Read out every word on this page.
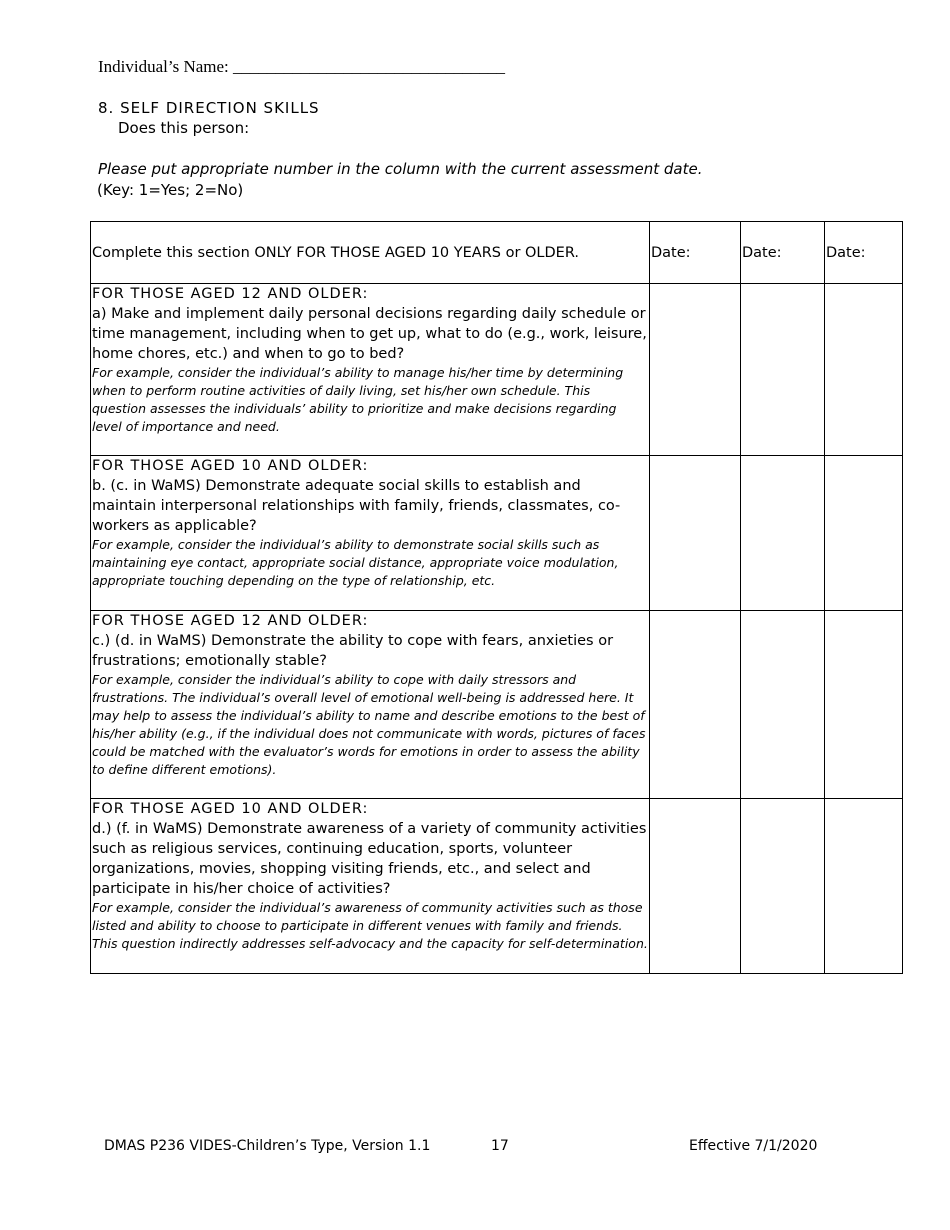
Individual’s Name: ________________________________
8. SELF DIRECTION SKILLS
Does this person:
Please put appropriate number in the column with the current assessment date.
(Key: 1=Yes; 2=No)
Complete this section ONLY FOR THOSE AGED 10 YEARS or OLDER.	Date:	Date:	Date:

FOR THOSE AGED 12 AND OLDER:
a) Make and implement daily personal decisions regarding daily schedule or time management, including when to get up, what to do (e.g., work, leisure, home chores, etc.) and when to go to bed?
For example, consider the individual’s ability to manage his/her time by determining when to perform routine activities of daily living, set his/her own schedule. This question assesses the individuals’ ability to prioritize and make decisions regarding level of importance and need.			

FOR THOSE AGED 10 AND OLDER:
b. (c. in WaMS) Demonstrate adequate social skills to establish and maintain interpersonal relationships with family, friends, classmates, co-workers as applicable?
For example, consider the individual’s ability to demonstrate social skills such as maintaining eye contact, appropriate social distance, appropriate voice modulation, appropriate touching depending on the type of relationship, etc.			

FOR THOSE AGED 12 AND OLDER:
c.) (d. in WaMS) Demonstrate the ability to cope with fears, anxieties or frustrations; emotionally stable?
For example, consider the individual’s ability to cope with daily stressors and frustrations. The individual’s overall level of emotional well-being is addressed here. It may help to assess the individual’s ability to name and describe emotions to the best of his/her ability (e.g., if the individual does not communicate with words, pictures of faces could be matched with the evaluator’s words for emotions in order to assess the ability to define different emotions).			

FOR THOSE AGED 10 AND OLDER:
d.) (f. in WaMS) Demonstrate awareness of a variety of community activities such as religious services, continuing education, sports, volunteer organizations, movies, shopping visiting friends, etc., and select and participate in his/her choice of activities?
For example, consider the individual’s awareness of community activities such as those listed and ability to choose to participate in different venues with family and friends. This question indirectly addresses self-advocacy and the capacity for self-determination.			

DMAS P236 VIDES-Children’s Type, Version 1.1	17	Effective 7/1/2020
